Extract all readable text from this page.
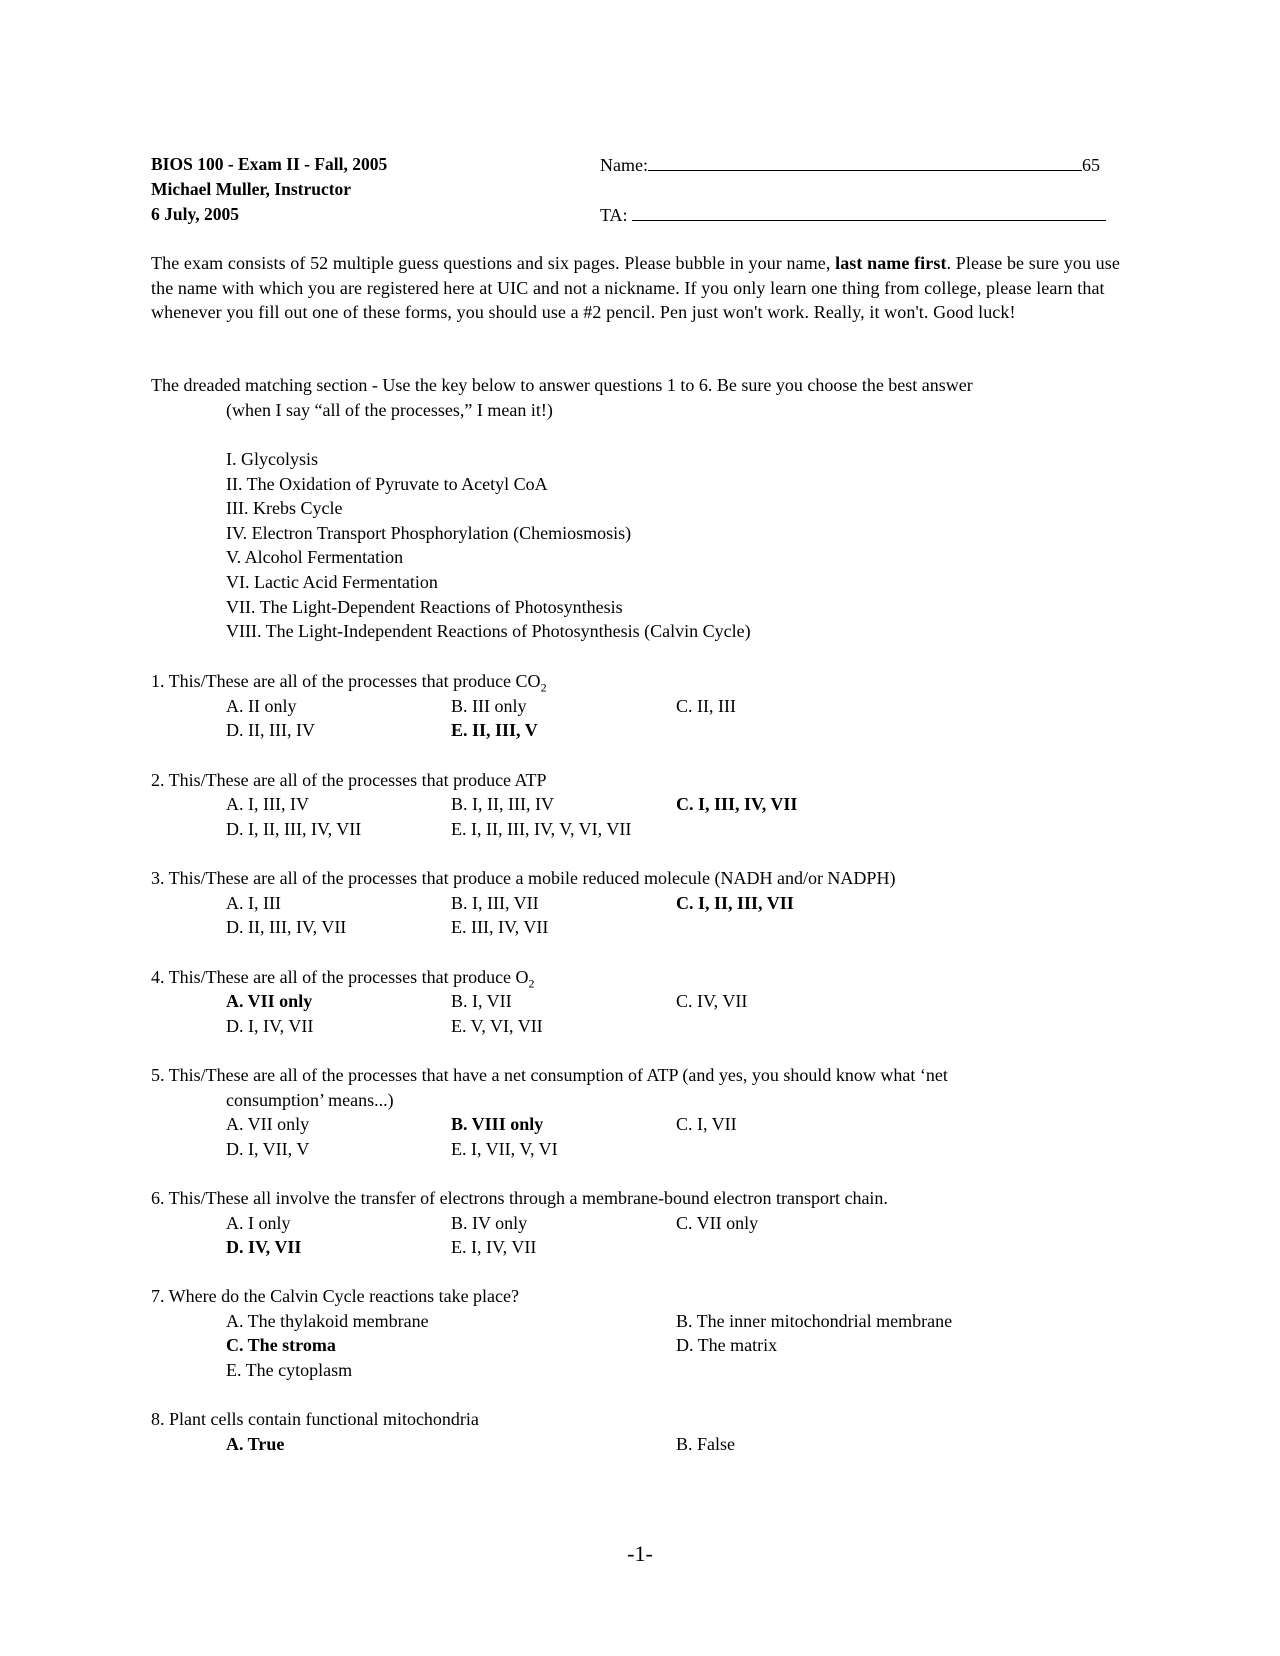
BIOS 100 - Exam II - Fall, 2005
Michael Muller, Instructor
6 July, 2005
Name:	65
TA:
The exam consists of 52 multiple guess questions and six pages. Please bubble in your name, last name first. Please be sure you use the name with which you are registered here at UIC and not a nickname. If you only learn one thing from college, please learn that whenever you fill out one of these forms, you should use a #2 pencil. Pen just won't work. Really, it won't. Good luck!
The dreaded matching section - Use the key below to answer questions 1 to 6. Be sure you choose the best answer
(when I say “all of the processes,” I mean it!)
I. Glycolysis
II. The Oxidation of Pyruvate to Acetyl CoA
III. Krebs Cycle
IV. Electron Transport Phosphorylation (Chemiosmosis)
V. Alcohol Fermentation
VI. Lactic Acid Fermentation
VII. The Light-Dependent Reactions of Photosynthesis
VIII. The Light-Independent Reactions of Photosynthesis (Calvin Cycle)
1. This/These are all of the processes that produce $CO_2$
A. II only	B. III only	C. II, III
D. II, III, IV	E. II, III, V
2. This/These are all of the processes that produce ATP
A. I, III, IV	B. I, II, III, IV	C. I, III, IV, VII
D. I, II, III, IV, VII	E. I, II, III, IV, V, VI, VII
3. This/These are all of the processes that produce a mobile reduced molecule (NADH and/or NADPH)
A. I, III	B. I, III, VII	C. I, II, III, VII
D. II, III, IV, VII	E. III, IV, VII
4. This/These are all of the processes that produce $O_2$
A. VII only	B. I, VII	C. IV, VII
D. I, IV, VII	E. V, VI, VII
5. This/These are all of the processes that have a net consumption of ATP (and yes, you should know what ‘net
consumption’ means...)
A. VII only	B. VIII only	C. I, VII
D. I, VII, V	E. I, VII, V, VI
6. This/These all involve the transfer of electrons through a membrane-bound electron transport chain.
A. I only	B. IV only	C. VII only
D. IV, VII	E. I, IV, VII
7. Where do the Calvin Cycle reactions take place?
A. The thylakoid membrane	B. The inner mitochondrial membrane
C. The stroma	D. The matrix
E. The cytoplasm
8. Plant cells contain functional mitochondria
A. True	B. False
-1-
